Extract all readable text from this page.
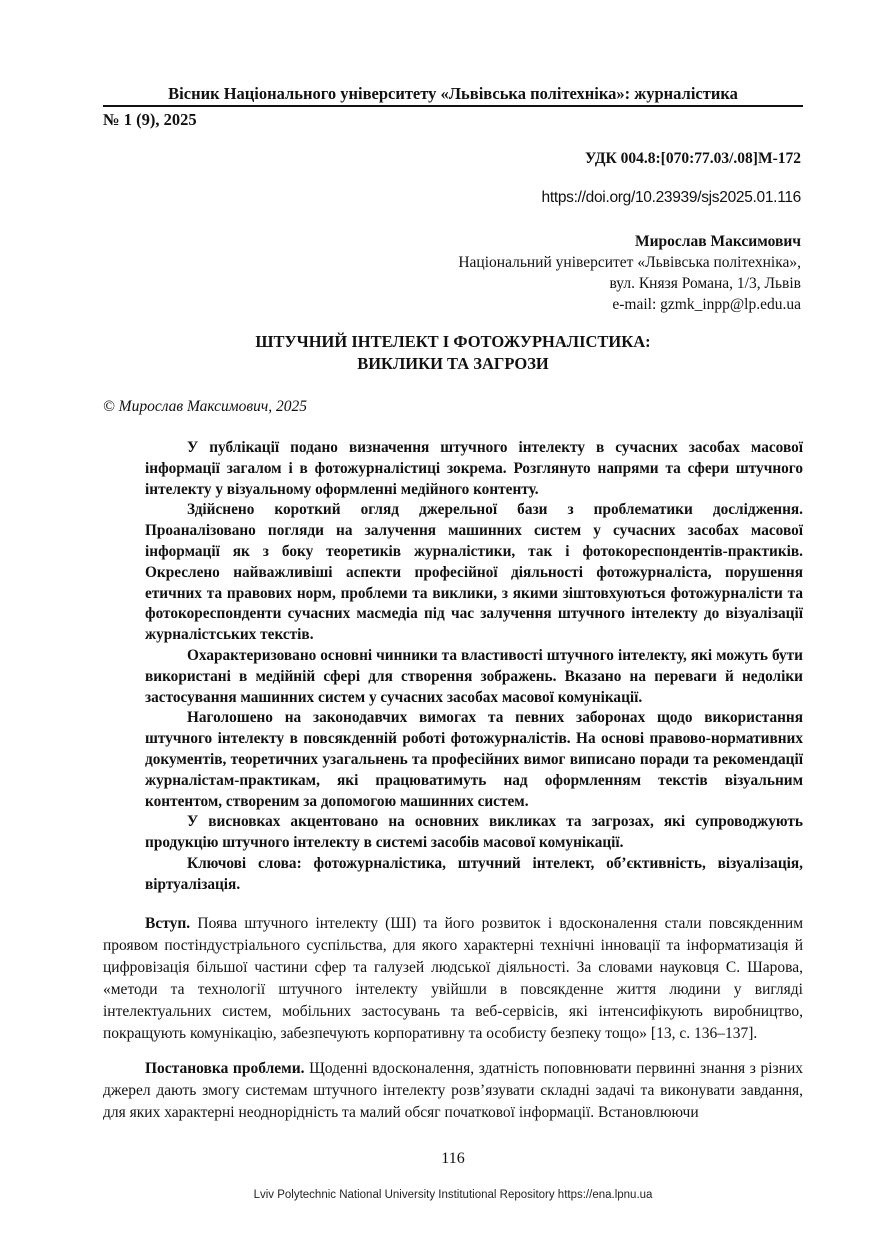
Вісник Національного університету «Львівська політехніка»: журналістика
№ 1 (9), 2025
УДК 004.8:[070:77.03/.08]М-172
https://doi.org/10.23939/sjs2025.01.116
Мирослав Максимович
Національний університет «Львівська політехніка»,
вул. Князя Романа, 1/3, Львів
e-mail: gzmk_inpp@lp.edu.ua
ШТУЧНИЙ ІНТЕЛЕКТ І ФОТОЖУРНАЛІСТИКА:
ВИКЛИКИ ТА ЗАГРОЗИ
© Мирослав Максимович, 2025

У публікації подано визначення штучного інтелекту в сучасних засобах масової інформації загалом і в фотожурналістиці зокрема. Розглянуто напрями та сфери штучного інтелекту у візуальному оформленні медійного контенту.

Здійснено короткий огляд джерельної бази з проблематики дослідження. Проаналізовано погляди на залучення машинних систем у сучасних засобах масової інформації як з боку теоретиків журналістики, так і фотокореспондентів-практиків. Окреслено найважливіші аспекти професійної діяльності фотожурналіста, порушення етичних та правових норм, проблеми та виклики, з якими зіштовхуються фотожурналісти та фотокореспонденти сучасних масмедіа під час залучення штучного інтелекту до візуалізації журналістських текстів.

Охарактеризовано основні чинники та властивості штучного інтелекту, які можуть бути використані в медійній сфері для створення зображень. Вказано на переваги й недоліки застосування машинних систем у сучасних засобах масової комунікації.

Наголошено на законодавчих вимогах та певних заборонах щодо використання штучного інтелекту в повсякденній роботі фотожурналістів. На основі правово-нормативних документів, теоретичних узагальнень та професійних вимог виписано поради та рекомендації журналістам-практикам, які працюватимуть над оформленням текстів візуальним контентом, створеним за допомогою машинних систем.

У висновках акцентовано на основних викликах та загрозах, які супроводжують продукцію штучного інтелекту в системі засобів масової комунікації.

Ключові слова: фотожурналістика, штучний інтелект, об’єктивність, візуалізація, віртуалізація.

Вступ. Поява штучного інтелекту (ШІ) та його розвиток і вдосконалення стали повсякденним проявом постіндустріального суспільства, для якого характерні технічні інновації та інформатизація й цифровізація більшої частини сфер та галузей людської діяльності. За словами науковця С. Шарова, «методи та технології штучного інтелекту увійшли в повсякденне життя людини у вигляді інтелектуальних систем, мобільних застосувань та веб-сервісів, які інтенсифікують виробництво, покращують комунікацію, забезпечують корпоративну та особисту безпеку тощо» [13, с. 136–137].

Постановка проблеми. Щоденні вдосконалення, здатність поповнювати первинні знання з різних джерел дають змогу системам штучного інтелекту розв’язувати складні задачі та виконувати завдання, для яких характерні неоднорідність та малий обсяг початкової інформації. Встановлюючи

116
Lviv Polytechnic National University Institutional Repository https://ena.lpnu.ua
